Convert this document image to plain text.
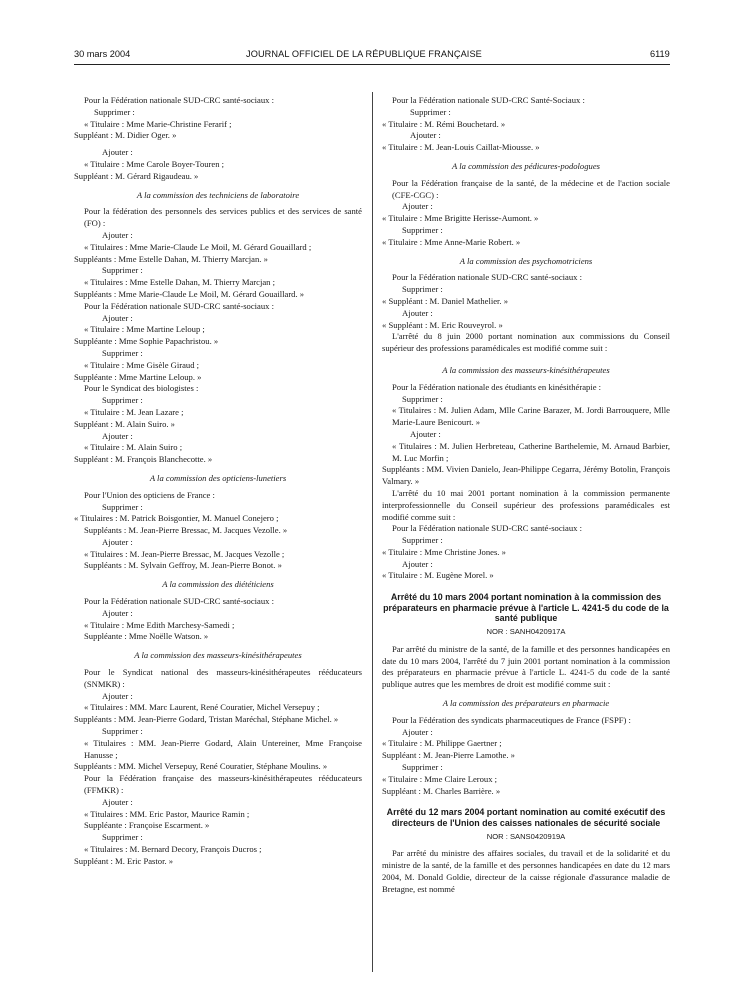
30 mars 2004	JOURNAL OFFICIEL DE LA RÉPUBLIQUE FRANÇAISE	6119
Pour la Fédération nationale SUD-CRC santé-sociaux :
Supprimer :
« Titulaire : Mme Marie-Christine Ferarif ;
Suppléant : M. Didier Oger. »
Ajouter :
« Titulaire : Mme Carole Boyer-Touren ;
Suppléant : M. Gérard Rigaudeau. »
A la commission des techniciens de laboratoire
Pour la fédération des personnels des services publics et des services de santé (FO) :
Ajouter :
« Titulaires : Mme Marie-Claude Le Moil, M. Gérard Gouaillard ;
Suppléants : Mme Estelle Dahan, M. Thierry Marcjan. »
Supprimer :
« Titulaires : Mme Estelle Dahan, M. Thierry Marcjan ;
Suppléants : Mme Marie-Claude Le Moil, M. Gérard Gouaillard. »
Pour la Fédération nationale SUD-CRC santé-sociaux :
Ajouter :
« Titulaire : Mme Martine Leloup ;
Suppléante : Mme Sophie Papachristou. »
Supprimer :
« Titulaire : Mme Gisèle Giraud ;
Suppléante : Mme Martine Leloup. »
Pour le Syndicat des biologistes :
Supprimer :
« Titulaire : M. Jean Lazare ;
Suppléant : M. Alain Suiro. »
Ajouter :
« Titulaire : M. Alain Suiro ;
Suppléant : M. François Blanchecotte. »
A la commission des opticiens-lunetiers
Pour l'Union des opticiens de France :
Supprimer :
« Titulaires : M. Patrick Boisgontier, M. Manuel Conejero ;
Suppléants : M. Jean-Pierre Bressac, M. Jacques Vezolle. »
Ajouter :
« Titulaires : M. Jean-Pierre Bressac, M. Jacques Vezolle ;
Suppléants : M. Sylvain Geffroy, M. Jean-Pierre Bonot. »
A la commission des diététiciens
Pour la Fédération nationale SUD-CRC santé-sociaux :
Ajouter :
« Titulaire : Mme Edith Marchesy-Samedi ;
Suppléante : Mme Noëlle Watson. »
A la commission des masseurs-kinésithérapeutes
Pour le Syndicat national des masseurs-kinésithérapeutes rééducateurs (SNMKR) :
Ajouter :
« Titulaires : MM. Marc Laurent, René Couratier, Michel Versepuy ;
Suppléants : MM. Jean-Pierre Godard, Tristan Maréchal, Stéphane Michel. »
Supprimer :
« Titulaires : MM. Jean-Pierre Godard, Alain Untereiner, Mme Françoise Hanusse ;
Suppléants : MM. Michel Versepuy, René Couratier, Stéphane Moulins. »
Pour la Fédération française des masseurs-kinésithérapeutes rééducateurs (FFMKR) :
Ajouter :
« Titulaires : MM. Eric Pastor, Maurice Ramin ;
Suppléante : Françoise Escarment. »
Supprimer :
« Titulaires : M. Bernard Decory, François Ducros ;
Suppléant : M. Eric Pastor. »
Pour la Fédération nationale SUD-CRC Santé-Sociaux :
Supprimer :
« Titulaire : M. Rémi Bouchetard. »
Ajouter :
« Titulaire : M. Jean-Louis Caillat-Miousse. »
A la commission des pédicures-podologues
Pour la Fédération française de la santé, de la médecine et de l'action sociale (CFE-CGC) :
Ajouter :
« Titulaire : Mme Brigitte Herisse-Aumont. »
Supprimer :
« Titulaire : Mme Anne-Marie Robert. »
A la commission des psychomotriciens
Pour la Fédération nationale SUD-CRC santé-sociaux :
Supprimer :
« Suppléant : M. Daniel Mathelier. »
Ajouter :
« Suppléant : M. Eric Rouveyrol. »
L'arrêté du 8 juin 2000 portant nomination aux commissions du Conseil supérieur des professions paramédicales est modifié comme suit :
A la commission des masseurs-kinésithérapeutes
Pour la Fédération nationale des étudiants en kinésithérapie :
Supprimer :
« Titulaires : M. Julien Adam, Mlle Carine Barazer, M. Jordi Barrouquere, Mlle Marie-Laure Benicourt. »
Ajouter :
« Titulaires : M. Julien Herbreteau, Catherine Barthelemie, M. Arnaud Barbier, M. Luc Morfin ;
Suppléants : MM. Vivien Danielo, Jean-Philippe Cegarra, Jérémy Botolin, François Valmary. »
L'arrêté du 10 mai 2001 portant nomination à la commission permanente interprofessionnelle du Conseil supérieur des professions paramédicales est modifié comme suit :
Pour la Fédération nationale SUD-CRC santé-sociaux :
Supprimer :
« Titulaire : Mme Christine Jones. »
Ajouter :
« Titulaire : M. Eugène Morel. »
Arrêté du 10 mars 2004 portant nomination à la commission des préparateurs en pharmacie prévue à l'article L. 4241-5 du code de la santé publique
NOR : SANH0420917A
Par arrêté du ministre de la santé, de la famille et des personnes handicapées en date du 10 mars 2004, l'arrêté du 7 juin 2001 portant nomination à la commission des préparateurs en pharmacie prévue à l'article L. 4241-5 du code de la santé publique autres que les membres de droit est modifié comme suit :
A la commission des préparateurs en pharmacie
Pour la Fédération des syndicats pharmaceutiques de France (FSPF) :
Ajouter :
« Titulaire : M. Philippe Gaertner ;
Suppléant : M. Jean-Pierre Lamothe. »
Supprimer :
« Titulaire : Mme Claire Leroux ;
Suppléant : M. Charles Barrière. »
Arrêté du 12 mars 2004 portant nomination au comité exécutif des directeurs de l'Union des caisses nationales de sécurité sociale
NOR : SANS0420919A
Par arrêté du ministre des affaires sociales, du travail et de la solidarité et du ministre de la santé, de la famille et des personnes handicapées en date du 12 mars 2004, M. Donald Goldie, directeur de la caisse régionale d'assurance maladie de Bretagne, est nommé
